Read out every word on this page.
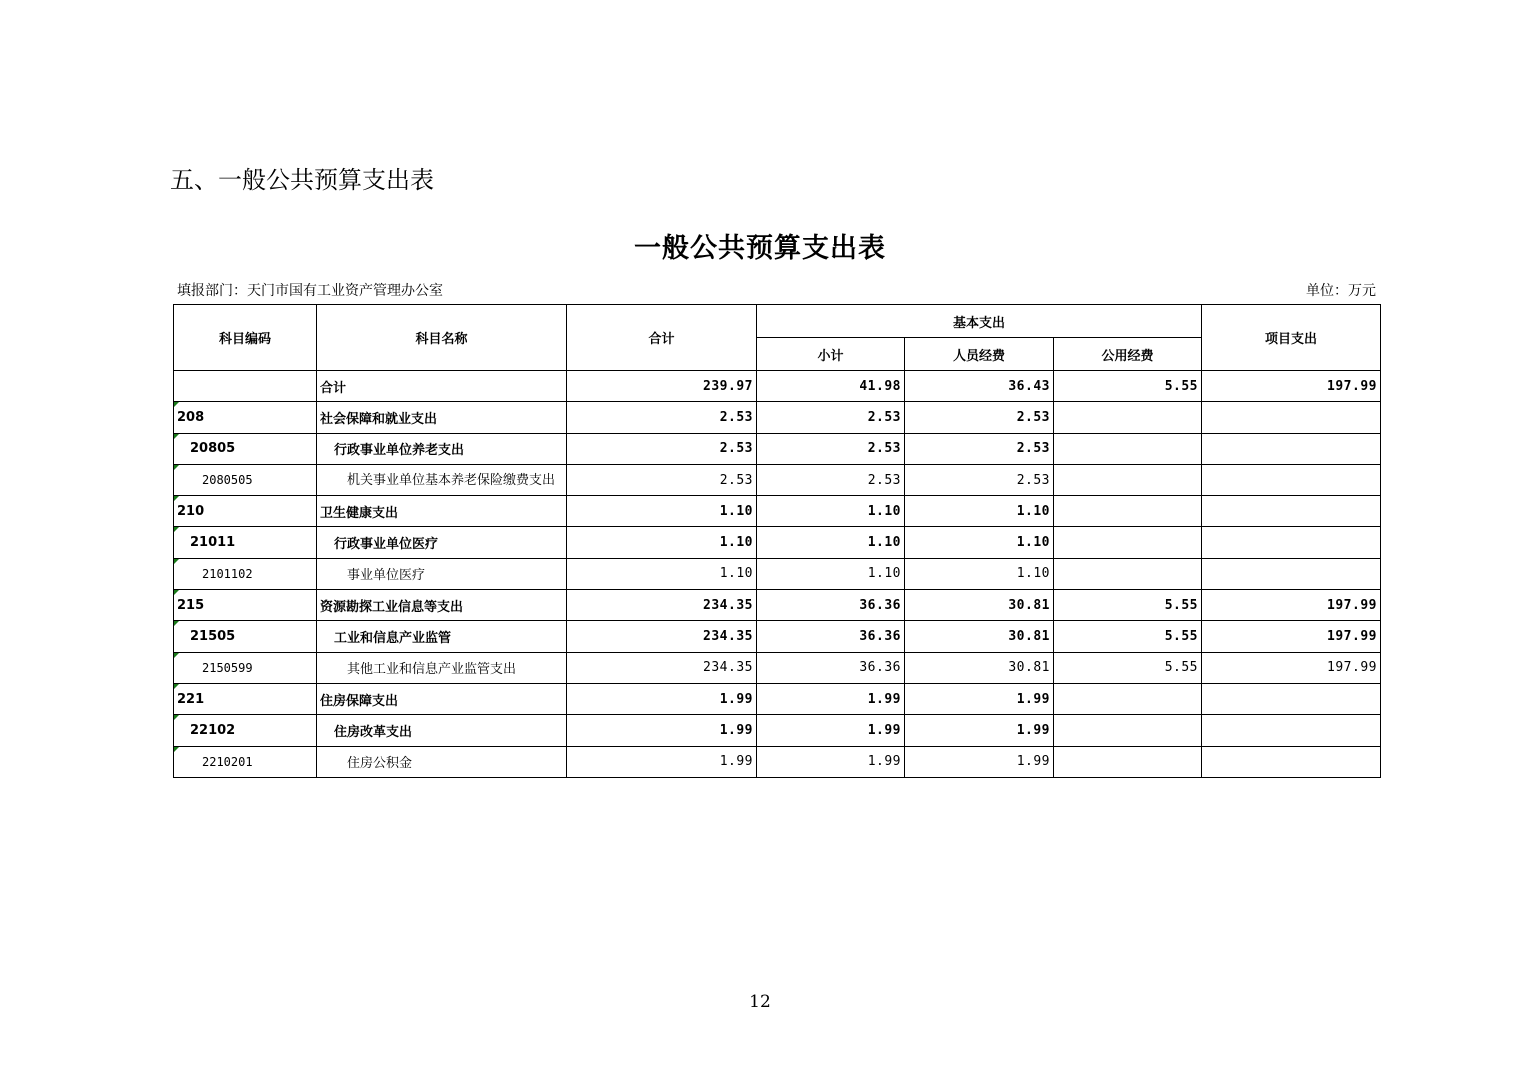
五、一般公共预算支出表
一般公共预算支出表
填报部门：天门市国有工业资产管理办公室	单位：万元
科目编码	科目名称	合计	基本支出			项目支出
			小计	人员经费	公用经费	
	合计	239.97	41.98	36.43	5.55	197.99
208	社会保障和就业支出	2.53	2.53	2.53		
20805	行政事业单位养老支出	2.53	2.53	2.53		
2080505	机关事业单位基本养老保险缴费支出	2.53	2.53	2.53		
210	卫生健康支出	1.10	1.10	1.10		
21011	行政事业单位医疗	1.10	1.10	1.10		
2101102	事业单位医疗	1.10	1.10	1.10		
215	资源勘探工业信息等支出	234.35	36.36	30.81	5.55	197.99
21505	工业和信息产业监管	234.35	36.36	30.81	5.55	197.99
2150599	其他工业和信息产业监管支出	234.35	36.36	30.81	5.55	197.99
221	住房保障支出	1.99	1.99	1.99		
22102	住房改革支出	1.99	1.99	1.99		
2210201	住房公积金	1.99	1.99	1.99		
12
